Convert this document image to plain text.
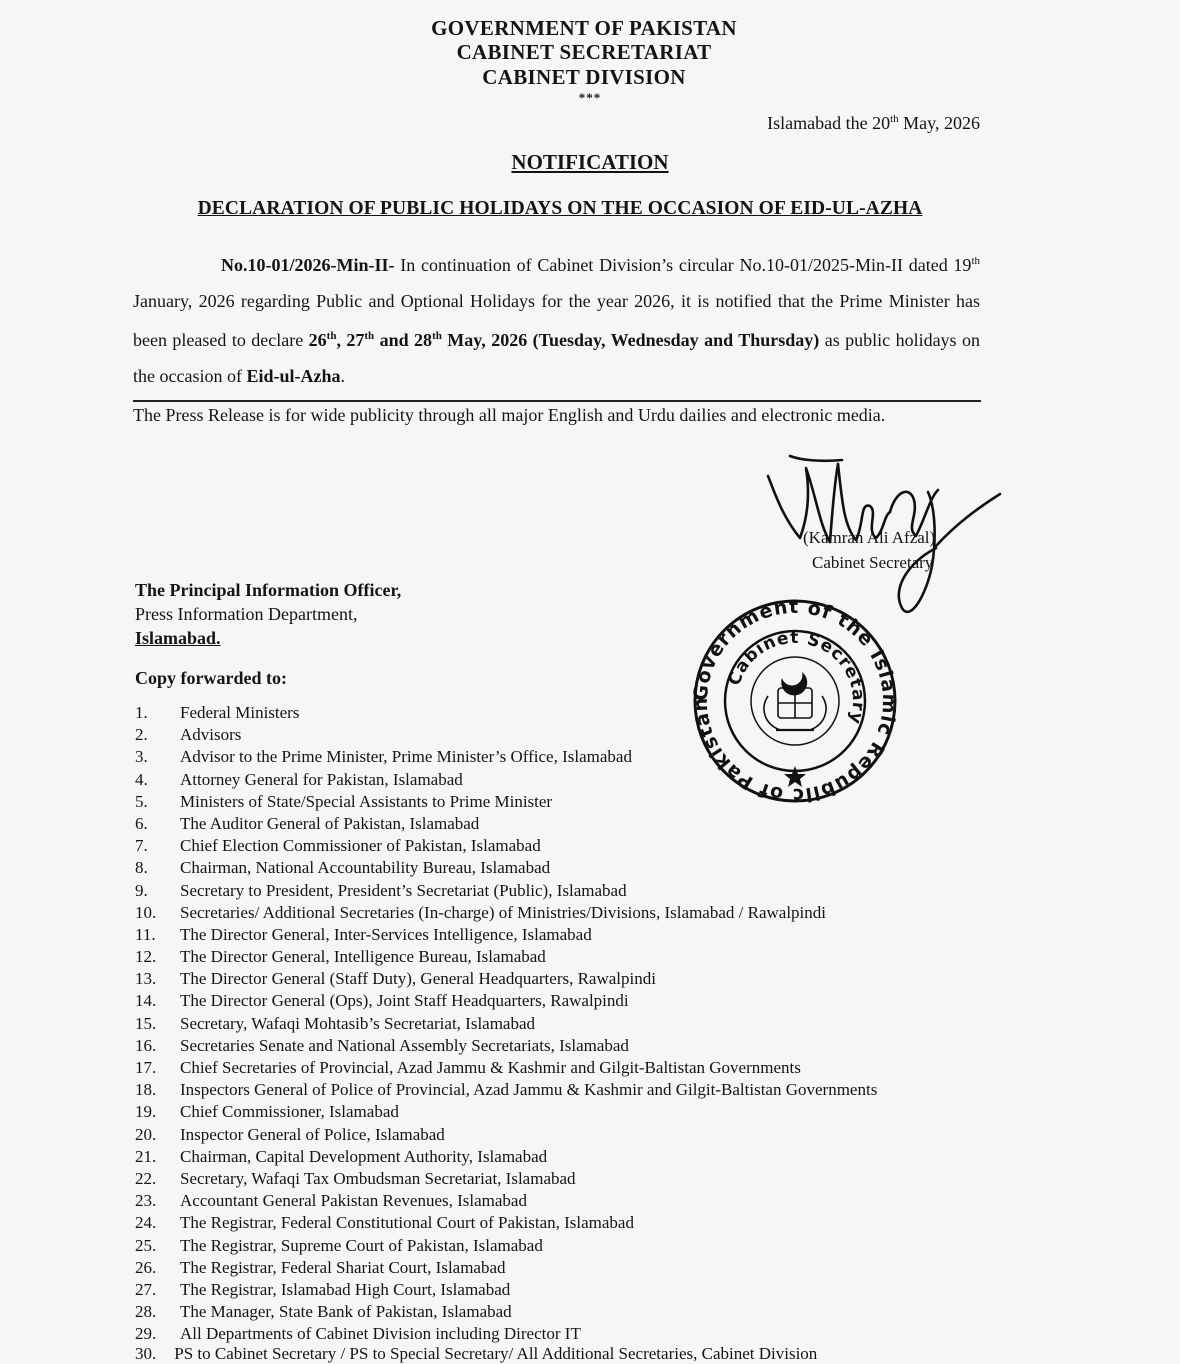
GOVERNMENT OF PAKISTAN
CABINET SECRETARIAT
CABINET DIVISION
***
Islamabad the 20th May, 2026
NOTIFICATION
DECLARATION OF PUBLIC HOLIDAYS ON THE OCCASION OF EID-UL-AZHA
No.10-01/2026-Min-II- In continuation of Cabinet Division’s circular No.10-01/2025-Min-II dated 19th January, 2026 regarding Public and Optional Holidays for the year 2026, it is notified that the Prime Minister has been pleased to declare 26th, 27th and 28th May, 2026 (Tuesday, Wednesday and Thursday) as public holidays on the occasion of Eid-ul-Azha.
The Press Release is for wide publicity through all major English and Urdu dailies and electronic media.
(Kamran Ali Afzal)
Cabinet Secretary
The Principal Information Officer,
Press Information Department,
Islamabad.
Government of the Islamic Republic of Pakistan
Cabinet Secretary
Copy forwarded to:
1. Federal Ministers
2. Advisors
3. Advisor to the Prime Minister, Prime Minister’s Office, Islamabad
4. Attorney General for Pakistan, Islamabad
5. Ministers of State/Special Assistants to Prime Minister
6. The Auditor General of Pakistan, Islamabad
7. Chief Election Commissioner of Pakistan, Islamabad
8. Chairman, National Accountability Bureau, Islamabad
9. Secretary to President, President’s Secretariat (Public), Islamabad
10. Secretaries/ Additional Secretaries (In-charge) of Ministries/Divisions, Islamabad / Rawalpindi
11. The Director General, Inter-Services Intelligence, Islamabad
12. The Director General, Intelligence Bureau, Islamabad
13. The Director General (Staff Duty), General Headquarters, Rawalpindi
14. The Director General (Ops), Joint Staff Headquarters, Rawalpindi
15. Secretary, Wafaqi Mohtasib’s Secretariat, Islamabad
16. Secretaries Senate and National Assembly Secretariats, Islamabad
17. Chief Secretaries of Provincial, Azad Jammu & Kashmir and Gilgit-Baltistan Governments
18. Inspectors General of Police of Provincial, Azad Jammu & Kashmir and Gilgit-Baltistan Governments
19. Chief Commissioner, Islamabad
20. Inspector General of Police, Islamabad
21. Chairman, Capital Development Authority, Islamabad
22. Secretary, Wafaqi Tax Ombudsman Secretariat, Islamabad
23. Accountant General Pakistan Revenues, Islamabad
24. The Registrar, Federal Constitutional Court of Pakistan, Islamabad
25. The Registrar, Supreme Court of Pakistan, Islamabad
26. The Registrar, Federal Shariat Court, Islamabad
27. The Registrar, Islamabad High Court, Islamabad
28. The Manager, State Bank of Pakistan, Islamabad
29. All Departments of Cabinet Division including Director IT
30. PS to Cabinet Secretary / PS to Special Secretary/ All Additional Secretaries, Cabinet Division
